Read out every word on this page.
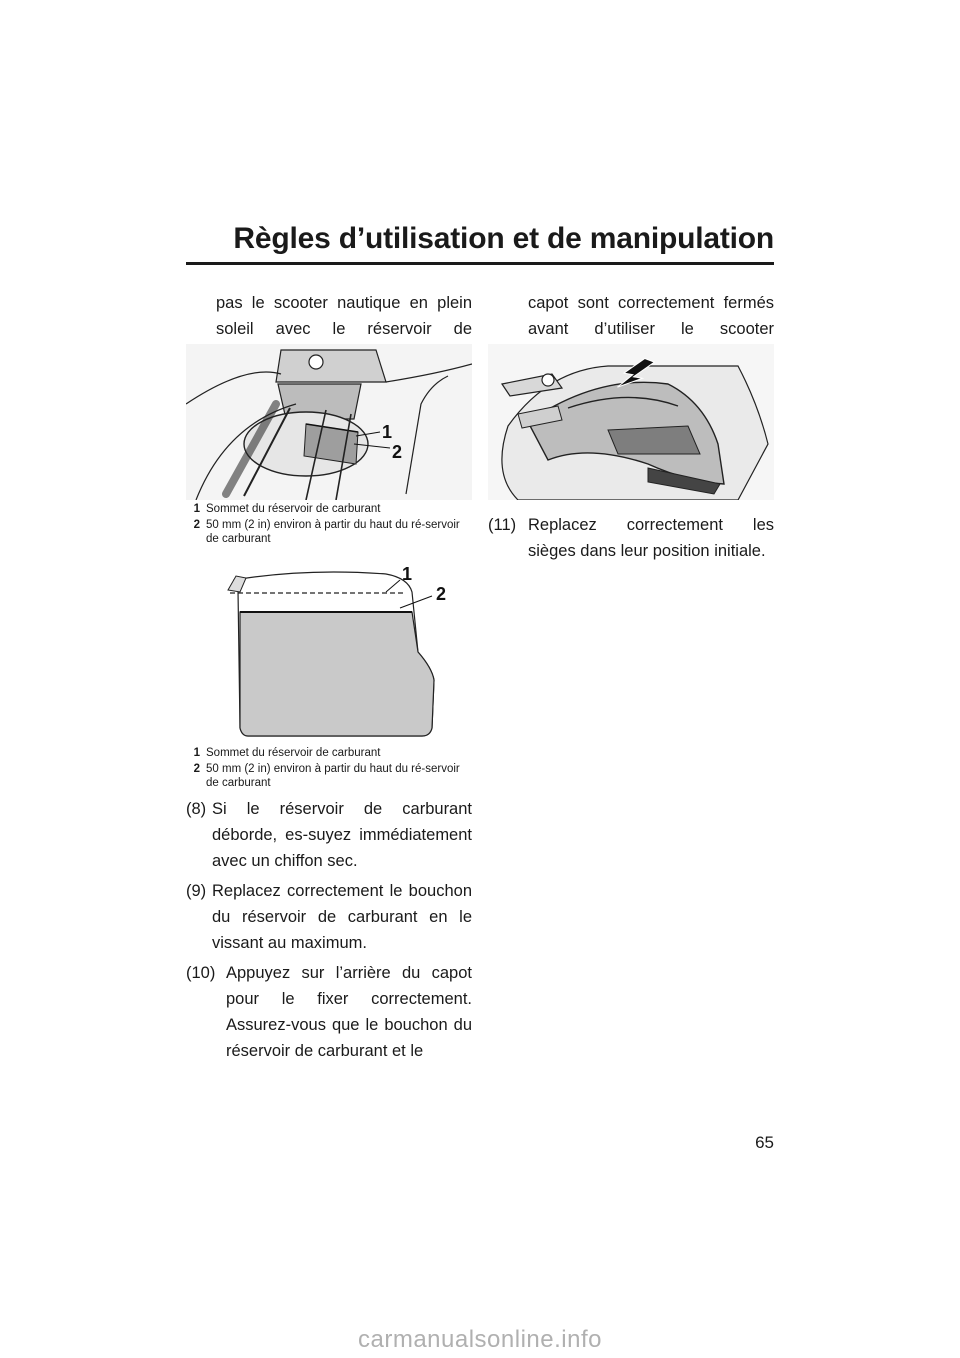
Règles d’utilisation et de manipulation

pas le scooter nautique en plein soleil avec le réservoir de

1
2
1 Sommet du réservoir de carburant
2 50 mm (2 in) environ à partir du haut du ré-servoir de carburant
1
2
1 Sommet du réservoir de carburant
2 50 mm (2 in) environ à partir du haut du ré-servoir de carburant

(8) Si le réservoir de carburant déborde, es-suyez immédiatement avec un chiffon sec.

(9) Replacez correctement le bouchon du réservoir de carburant en le vissant au maximum.

(10) Appuyez sur l’arrière du capot pour le fixer correctement. Assurez-vous que le bouchon du réservoir de carburant et le

capot sont correctement fermés avant d’utiliser le scooter

(11) Replacez correctement les sièges dans leur position initiale.

65
carmanualsonline.info
